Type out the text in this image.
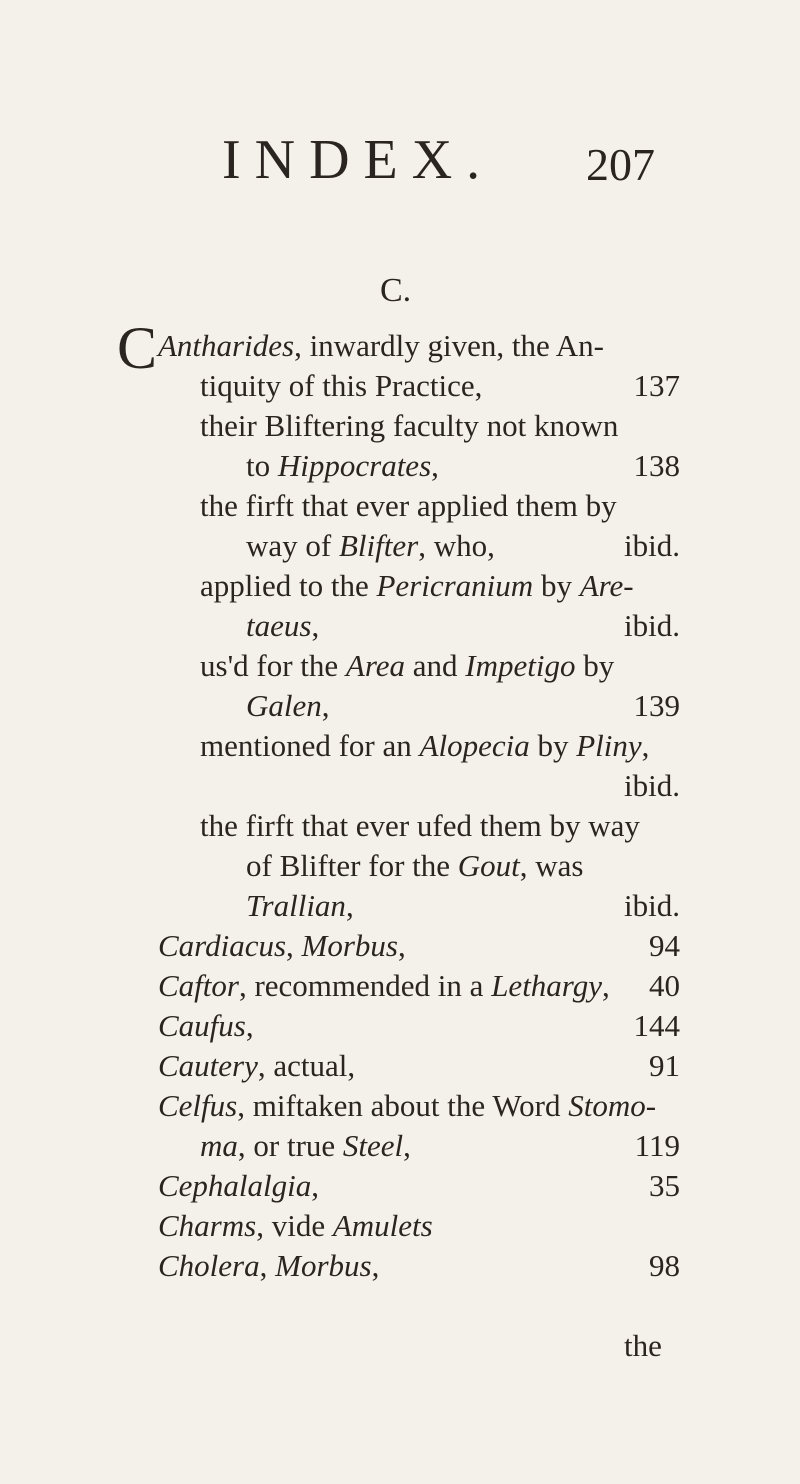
INDEX. 207
C.
C Antharides, inwardly given, the An-
tiquity of this Practice,	137
their Bliftering faculty not known
to Hippocrates,	138
the firft that ever applied them by
way of Blifter, who,	ibid.
applied to the Pericranium by Are-
taeus,	ibid.
us'd for the Area and Impetigo by
Galen,	139
mentioned for an Alopecia by Pliny,
ibid.
the firft that ever ufed them by way
of Blifter for the Gout, was
Trallian,	ibid.
Cardiacus, Morbus,	94
Caftor, recommended in a Lethargy,	40
Caufus,	144
Cautery, actual,	91
Celfus, miftaken about the Word Stomo-
ma, or true Steel,	119
Cephalalgia,	35
Charms, vide Amulets
Cholera, Morbus,	98
the
